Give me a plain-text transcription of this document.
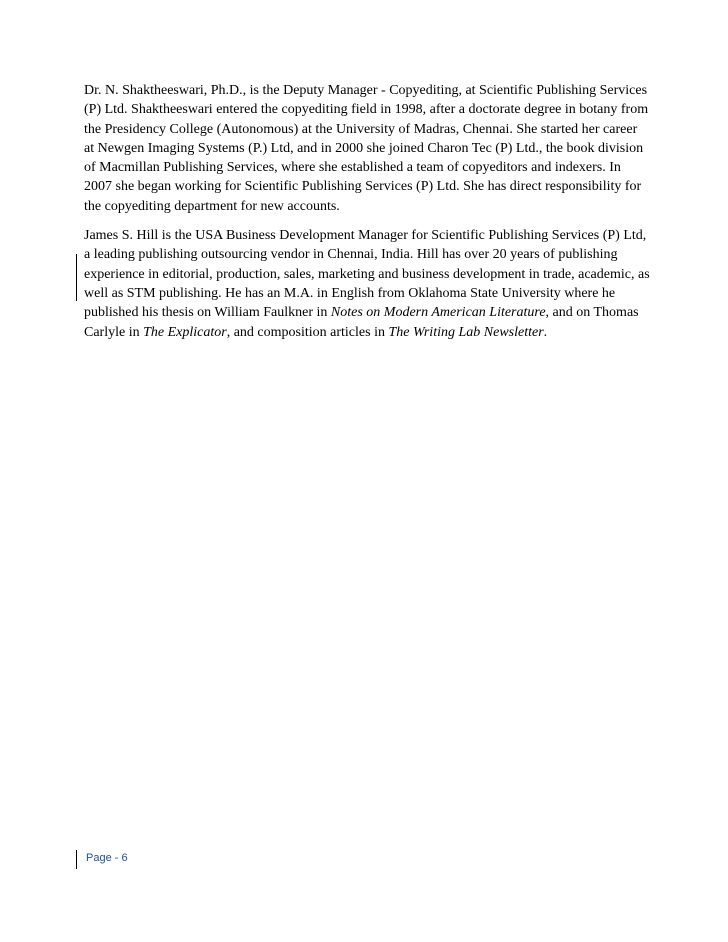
Dr. N. Shaktheeswari, Ph.D., is the Deputy Manager - Copyediting, at Scientific Publishing Services (P) Ltd. Shaktheeswari entered the copyediting field in 1998, after a doctorate degree in botany from the Presidency College (Autonomous) at the University of Madras, Chennai. She started her career at Newgen Imaging Systems (P.) Ltd, and in 2000 she joined Charon Tec (P) Ltd., the book division of Macmillan Publishing Services, where she established a team of copyeditors and indexers. In 2007 she began working for Scientific Publishing Services (P) Ltd. She has direct responsibility for the copyediting department for new accounts.

James S. Hill is the USA Business Development Manager for Scientific Publishing Services (P) Ltd, a leading publishing outsourcing vendor in Chennai, India. Hill has over 20 years of publishing experience in editorial, production, sales, marketing and business development in trade, academic, as well as STM publishing. He has an M.A. in English from Oklahoma State University where he published his thesis on William Faulkner in Notes on Modern American Literature, and on Thomas Carlyle in The Explicator, and composition articles in The Writing Lab Newsletter.

Page - 6
